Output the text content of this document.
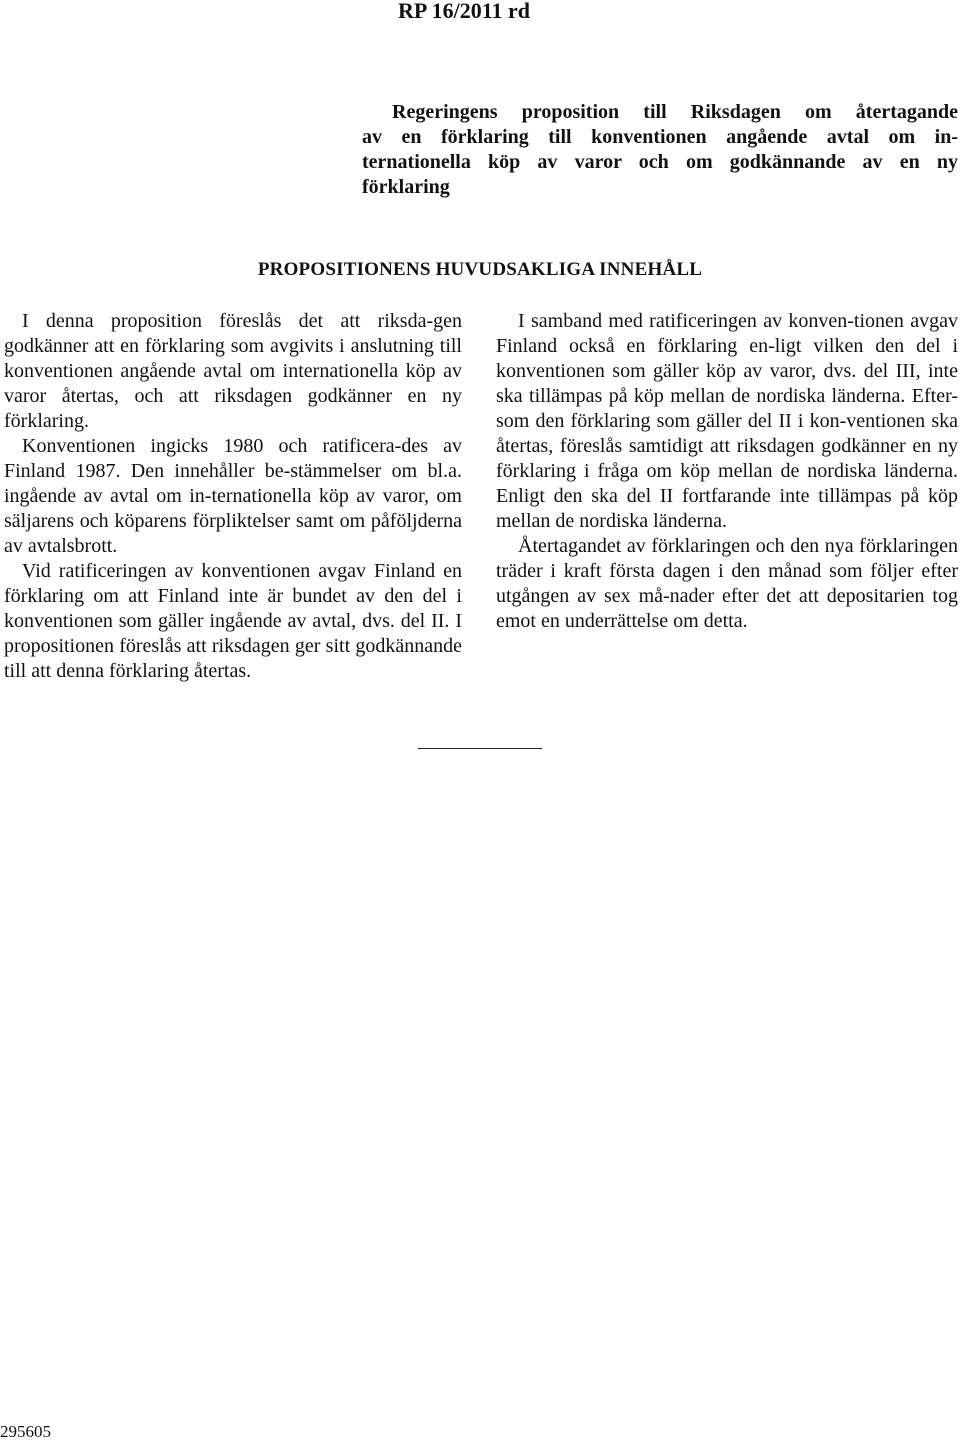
RP 16/2011 rd
Regeringens proposition till Riksdagen om återtagande
av en förklaring till konventionen angående avtal om in-
ternationella köp av varor och om godkännande av en ny
förklaring
PROPOSITIONENS HUVUDSAKLIGA INNEHÅLL

I denna proposition föreslås det att riksda-gen godkänner att en förklaring som avgivits i anslutning till konventionen angående avtal om internationella köp av varor återtas, och att riksdagen godkänner en ny förklaring.

Konventionen ingicks 1980 och ratificera-des av Finland 1987. Den innehåller be-stämmelser om bl.a. ingående av avtal om in-ternationella köp av varor, om säljarens och köparens förpliktelser samt om påföljderna av avtalsbrott.

Vid ratificeringen av konventionen avgav Finland en förklaring om att Finland inte är bundet av den del i konventionen som gäller ingående av avtal, dvs. del II. I propositionen föreslås att riksdagen ger sitt godkännande till att denna förklaring återtas.

I samband med ratificeringen av konven-tionen avgav Finland också en förklaring en-ligt vilken den del i konventionen som gäller köp av varor, dvs. del III, inte ska tillämpas på köp mellan de nordiska länderna. Efter-som den förklaring som gäller del II i kon-ventionen ska återtas, föreslås samtidigt att riksdagen godkänner en ny förklaring i fråga om köp mellan de nordiska länderna. Enligt den ska del II fortfarande inte tillämpas på köp mellan de nordiska länderna.

Återtagandet av förklaringen och den nya förklaringen träder i kraft första dagen i den månad som följer efter utgången av sex må-nader efter det att depositarien tog emot en underrättelse om detta.

295605
